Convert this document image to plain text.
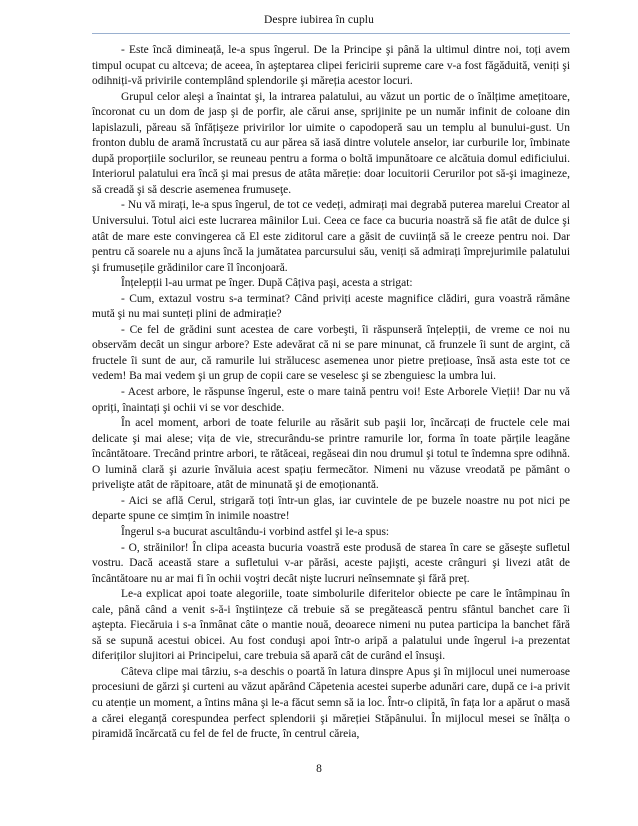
Despre iubirea în cuplu

- Este încă dimineață, le-a spus îngerul. De la Principe şi până la ultimul dintre noi, toți avem timpul ocupat cu altceva; de aceea, în aşteptarea clipei fericirii supreme care v-a fost făgăduită, veniți şi odihniți-vă privirile contemplând splendorile şi măreția acestor locuri.

Grupul celor aleşi a înaintat şi, la intrarea palatului, au văzut un portic de o înălțime amețitoare, încoronat cu un dom de jasp şi de porfir, ale cărui anse, sprijinite pe un număr infinit de coloane din lapislazuli, păreau să înfățişeze privirilor lor uimite o capodoperă sau un templu al bunului-gust. Un fronton dublu de aramă încrustată cu aur părea să iasă dintre volutele anselor, iar curburile lor, îmbinate după proporțiile soclurilor, se reuneau pentru a forma o boltă impunătoare ce alcătuia domul edificiului. Interiorul palatului era încă şi mai presus de atâta măreție: doar locuitorii Cerurilor pot să-şi imagineze, să creadă şi să descrie asemenea frumuseţe.

- Nu vă mirați, le-a spus îngerul, de tot ce vedeți, admirați mai degrabă puterea marelui Creator al Universului. Totul aici este lucrarea mâinilor Lui. Ceea ce face ca bucuria noastră să fie atât de dulce şi atât de mare este convingerea că El este ziditorul care a găsit de cuviință să le creeze pentru noi. Dar pentru că soarele nu a ajuns încă la jumătatea parcursului său, veniți să admirați împrejurimile palatului şi frumusețile grădinilor care îl înconjoară.

Înțelepții l-au urmat pe înger. După Câțiva paşi, acesta a strigat:

- Cum, extazul vostru s-a terminat? Când priviți aceste magnifice clădiri, gura voastră rămâne mută şi nu mai sunteți plini de admirație?

- Ce fel de grădini sunt acestea de care vorbeşti, îi răspunseră înțelepții, de vreme ce noi nu observăm decât un singur arbore? Este adevărat că ni se pare minunat, că frunzele îi sunt de argint, că fructele îi sunt de aur, că ramurile lui strălucesc asemenea unor pietre prețioase, însă asta este tot ce vedem! Ba mai vedem şi un grup de copii care se veselesc şi se zbenguiesc la umbra lui.

- Acest arbore, le răspunse îngerul, este o mare taină pentru voi! Este Arborele Vieții! Dar nu vă opriți, înaintați şi ochii vi se vor deschide.

În acel moment, arbori de toate felurile au răsărit sub paşii lor, încărcați de fructele cele mai delicate şi mai alese; vița de vie, strecurându-se printre ramurile lor, forma în toate părțile leagăne încântătoare. Trecând printre arbori, te rătăceai, regăseai din nou drumul şi totul te îndemna spre odihnă. O lumină clară şi azurie învăluia acest spațiu fermecător. Nimeni nu văzuse vreodată pe pământ o privelişte atât de răpitoare, atât de minunată şi de emoționantă.

- Aici se află Cerul, strigară toți într-un glas, iar cuvintele de pe buzele noastre nu pot nici pe departe spune ce simțim în inimile noastre!

Îngerul s-a bucurat ascultându-i vorbind astfel şi le-a spus:

- O, străinilor! În clipa aceasta bucuria voastră este produsă de starea în care se găseşte sufletul vostru. Dacă această stare a sufletului v-ar părăsi, aceste pajişti, aceste crânguri şi livezi atât de încântătoare nu ar mai fi în ochii voştri decât nişte lucruri neînsemnate şi fără preț.

Le-a explicat apoi toate alegoriile, toate simbolurile diferitelor obiecte pe care le întâmpinau în cale, până când a venit s-ă-i înştiințeze că trebuie să se pregătească pentru sfântul banchet care îi aştepta. Fiecăruia i s-a înmânat câte o mantie nouă, deoarece nimeni nu putea participa la banchet fără să se supună acestui obicei. Au fost conduşi apoi într-o aripă a palatului unde îngerul i-a prezentat diferiților slujitori ai Principelui, care trebuia să apară cât de curând el însuşi.

Câteva clipe mai târziu, s-a deschis o poartă în latura dinspre Apus şi în mijlocul unei numeroase procesiuni de gărzi şi curteni au văzut apărând Căpetenia acestei superbe adunări care, după ce i-a privit cu atenție un moment, a întins mâna şi le-a făcut semn să ia loc. Într-o clipită, în fața lor a apărut o masă a cărei eleganță corespundea perfect splendorii şi măreției Stăpânului. În mijlocul mesei se înălța o piramidă încărcată cu fel de fel de fructe, în centrul căreia,

8
